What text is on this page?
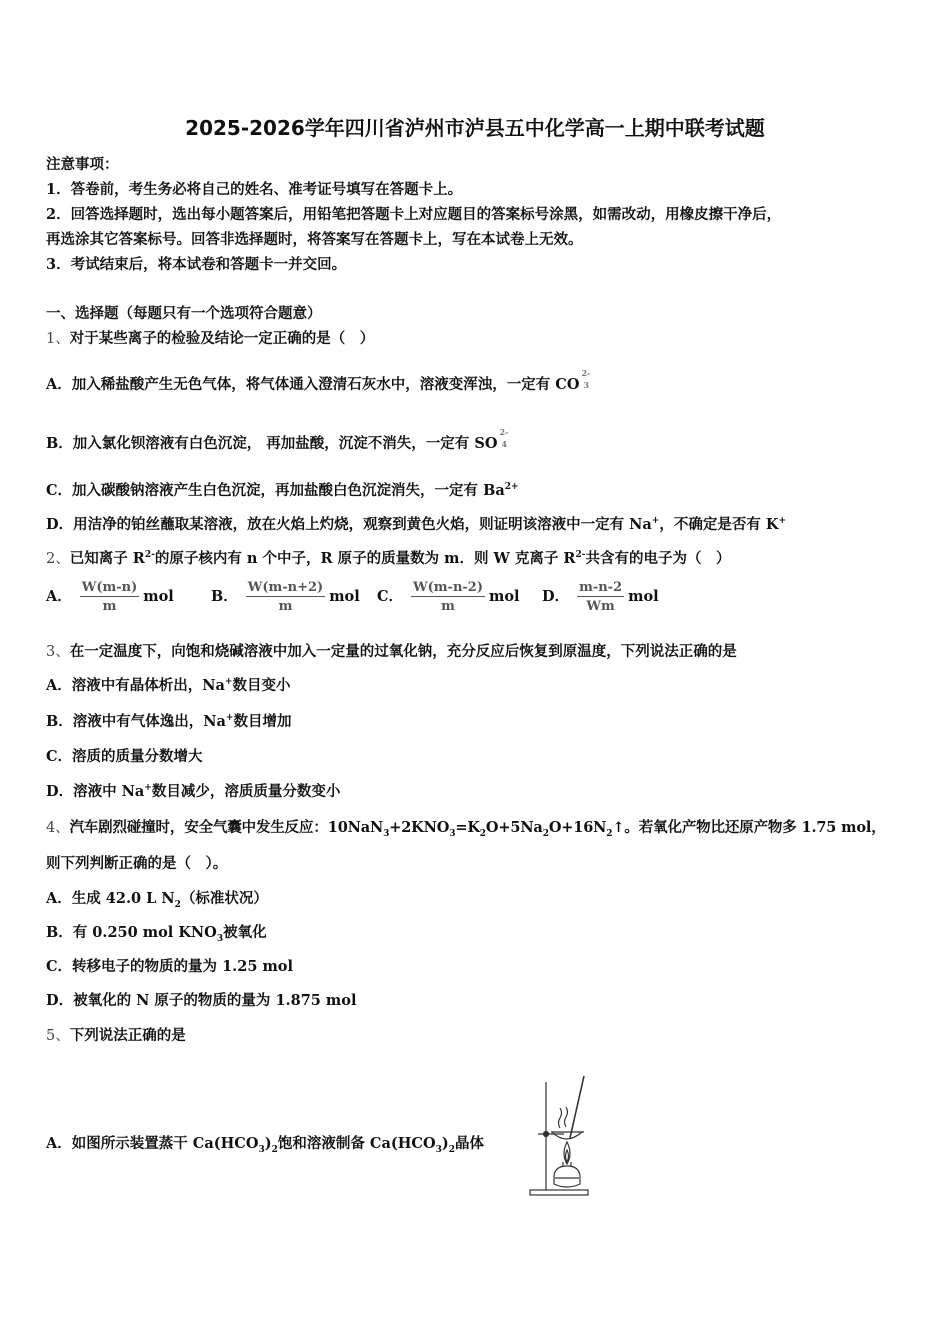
2025-2026学年四川省泸州市泸县五中化学高一上期中联考试题
注意事项：
1．答卷前，考生务必将自己的姓名、准考证号填写在答题卡上。
2．回答选择题时，选出每小题答案后，用铅笔把答题卡上对应题目的答案标号涂黑，如需改动，用橡皮擦干净后，
再选涂其它答案标号。回答非选择题时，将答案写在答题卡上，写在本试卷上无效。
3．考试结束后，将本试卷和答题卡一并交回。
一、选择题（每题只有一个选项符合题意）
1、对于某些离子的检验及结论一定正确的是（　）
A．加入稀盐酸产生无色气体，将气体通入澄清石灰水中，溶液变浑浊，一定有 CO
2-
3
B．加入氯化钡溶液有白色沉淀， 再加盐酸，沉淀不消失，一定有 SO
2-
4
C．加入碳酸钠溶液产生白色沉淀，再加盐酸白色沉淀消失，一定有 $Ba^{2+}$
D．用洁净的铂丝蘸取某溶液，放在火焰上灼烧，观察到黄色火焰，则证明该溶液中一定有 Na+，不确定是否有 K+
2、已知离子 $R^{2-}$的原子核内有 n 个中子，R 原子的质量数为 m．则 W 克离子 $R^{2-}$共含有的电子为（　）
A． $\frac{W(m-n)}{m}$ mol	B． $\frac{W(m-n+2)}{m}$ mol C． $\frac{W(m-n-2)}{m}$ mol D． $\frac{m-n-2}{Wm}$ mol
3、在一定温度下，向饱和烧碱溶液中加入一定量的过氧化钠，充分反应后恢复到原温度，下列说法正确的是
A．溶液中有晶体析出，Na+数目变小
B．溶液中有气体逸出，Na+数目增加
C．溶质的质量分数增大
D．溶液中 Na+数目减少，溶质质量分数变小
4、汽车剧烈碰撞时，安全气囊中发生反应：$10NaN_3+2KNO_3=K_2O+5Na_2O+16N_2↑$。若氧化产物比还原产物多 1.75 mol，
则下列判断正确的是（　）。
A．生成 42.0 L $N_2$（标准状况）
B．有 0.250 mol $KNO_3$被氧化
C．转移电子的物质的量为 1.25 mol
D．被氧化的 N 原子的物质的量为 1.875 mol
5、下列说法正确的是
A．如图所示装置蒸干 $Ca(HCO_3)_2$饱和溶液制备 $Ca(HCO_3)_2$晶体
